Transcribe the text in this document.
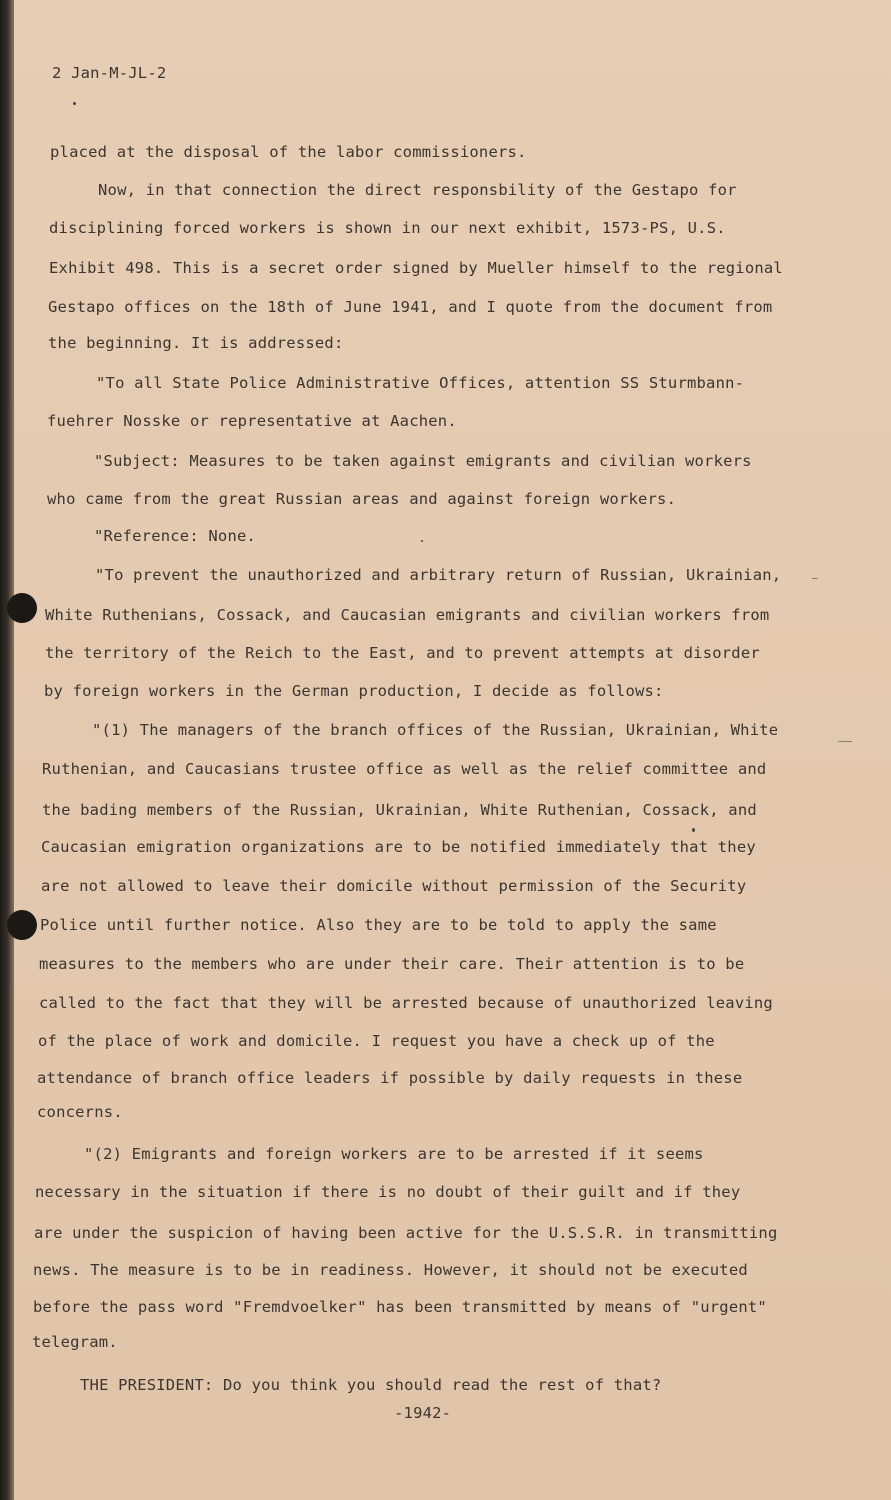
2 Jan-M-JL-2

placed at the disposal of the labor commissioners.

Now, in that connection the direct responsbility of the Gestapo for

disciplining forced workers is shown in our next exhibit, 1573-PS, U.S.

Exhibit 498. This is a secret order signed by Mueller himself to the regional

Gestapo offices on the 18th of June 1941, and I quote from the document from

the beginning. It is addressed:

"To all State Police Administrative Offices, attention SS Sturmbann-

fuehrer Nosske or representative at Aachen.

"Subject: Measures to be taken against emigrants and civilian workers

who came from the great Russian areas and against foreign workers.

"Reference: None.

"To prevent the unauthorized and arbitrary return of Russian, Ukrainian,

White Ruthenians, Cossack, and Caucasian emigrants and civilian workers from

the territory of the Reich to the East, and to prevent attempts at disorder

by foreign workers in the German production, I decide as follows:

"(1) The managers of the branch offices of the Russian, Ukrainian, White

Ruthenian, and Caucasians trustee office as well as the relief committee and

the bading members of the Russian, Ukrainian, White Ruthenian, Cossack, and

Caucasian emigration organizations are to be notified immediately that they

are not allowed to leave their domicile without permission of the Security

Police until further notice. Also they are to be told to apply the same

measures to the members who are under their care. Their attention is to be

called to the fact that they will be arrested because of unauthorized leaving

of the place of work and domicile. I request you have a check up of the

attendance of branch office leaders if possible by daily requests in these

concerns.

"(2) Emigrants and foreign workers are to be arrested if it seems

necessary in the situation if there is no doubt of their guilt and if they

are under the suspicion of having been active for the U.S.S.R. in transmitting

news. The measure is to be in readiness. However, it should not be executed

before the pass word "Fremdvoelker" has been transmitted by means of "urgent"

telegram.

THE PRESIDENT: Do you think you should read the rest of that?

-1942-
